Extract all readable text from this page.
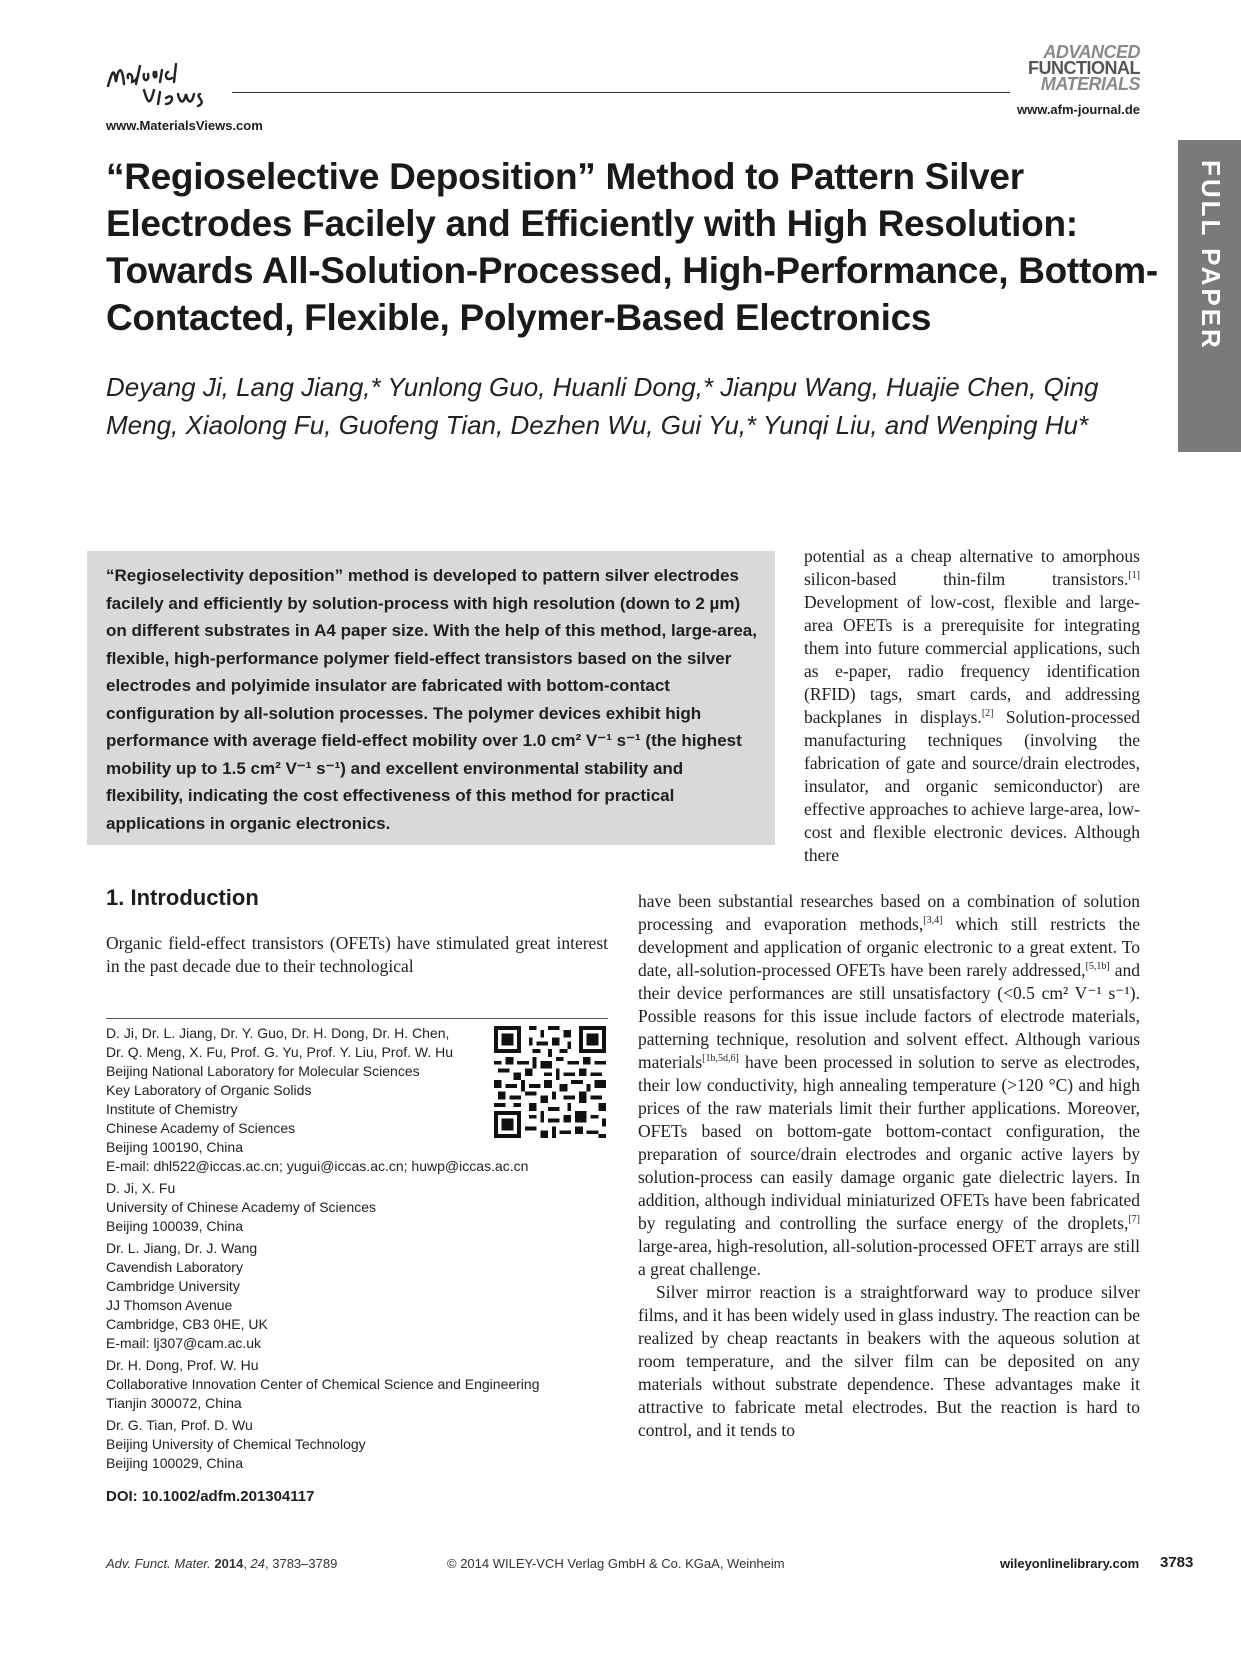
www.MaterialsViews.com
ADVANCED
FUNCTIONAL
MATERIALS
www.afm-journal.de
FULL PAPER
“Regioselective Deposition” Method to Pattern Silver Electrodes Facilely and Efficiently with High Resolution: Towards All-Solution-Processed, High-Performance, Bottom-Contacted, Flexible, Polymer-Based Electronics

Deyang Ji, Lang Jiang,* Yunlong Guo, Huanli Dong,* Jianpu Wang, Huajie Chen, Qing Meng, Xiaolong Fu, Guofeng Tian, Dezhen Wu, Gui Yu,* Yunqi Liu, and Wenping Hu*

“Regioselectivity deposition” method is developed to pattern silver electrodes facilely and efficiently by solution-process with high resolution (down to 2 µm) on different substrates in A4 paper size. With the help of this method, large-area, flexible, high-performance polymer field-effect transistors based on the silver electrodes and polyimide insulator are fabricated with bottom-contact configuration by all-solution processes. The polymer devices exhibit high performance with average field-effect mobility over 1.0 cm² V⁻¹ s⁻¹ (the highest mobility up to 1.5 cm² V⁻¹ s⁻¹) and excellent environmental stability and flexibility, indicating the cost effectiveness of this method for practical applications in organic electronics.

potential as a cheap alternative to amorphous silicon-based thin-film transistors.[1] Development of low-cost, flexible and large-area OFETs is a prerequisite for integrating them into future commercial applications, such as e-paper, radio frequency identification (RFID) tags, smart cards, and addressing backplanes in displays.[2] Solution-processed manufacturing techniques (involving the fabrication of gate and source/drain electrodes, insulator, and organic semiconductor) are effective approaches to achieve large-area, low-cost and flexible electronic devices. Although there

1. Introduction

Organic field-effect transistors (OFETs) have stimulated great interest in the past decade due to their technological

have been substantial researches based on a combination of solution processing and evaporation methods,[3,4] which still restricts the development and application of organic electronic to a great extent. To date, all-solution-processed OFETs have been rarely addressed,[5,1b] and their device performances are still unsatisfactory (<0.5 cm² V⁻¹ s⁻¹). Possible reasons for this issue include factors of electrode materials, patterning technique, resolution and solvent effect. Although various materials[1b,5d,6] have been processed in solution to serve as electrodes, their low conductivity, high annealing temperature (>120 °C) and high prices of the raw materials limit their further applications. Moreover, OFETs based on bottom-gate bottom-contact configuration, the preparation of source/drain electrodes and organic active layers by solution-process can easily damage organic gate dielectric layers. In addition, although individual miniaturized OFETs have been fabricated by regulating and controlling the surface energy of the droplets,[7] large-area, high-resolution, all-solution-processed OFET arrays are still a great challenge.

Silver mirror reaction is a straightforward way to produce silver films, and it has been widely used in glass industry. The reaction can be realized by cheap reactants in beakers with the aqueous solution at room temperature, and the silver film can be deposited on any materials without substrate dependence. These advantages make it attractive to fabricate metal electrodes. But the reaction is hard to control, and it tends to

D. Ji, Dr. L. Jiang, Dr. Y. Guo, Dr. H. Dong, Dr. H. Chen,
Dr. Q. Meng, X. Fu, Prof. G. Yu, Prof. Y. Liu, Prof. W. Hu
Beijing National Laboratory for Molecular Sciences
Key Laboratory of Organic Solids
Institute of Chemistry
Chinese Academy of Sciences
Beijing 100190, China
E-mail: dhl522@iccas.ac.cn; yugui@iccas.ac.cn; huwp@iccas.ac.cn
D. Ji, X. Fu
University of Chinese Academy of Sciences
Beijing 100039, China
Dr. L. Jiang, Dr. J. Wang
Cavendish Laboratory
Cambridge University
JJ Thomson Avenue
Cambridge, CB3 0HE, UK
E-mail: lj307@cam.ac.uk
Dr. H. Dong, Prof. W. Hu
Collaborative Innovation Center of Chemical Science and Engineering
Tianjin 300072, China
Dr. G. Tian, Prof. D. Wu
Beijing University of Chemical Technology
Beijing 100029, China
DOI: 10.1002/adfm.201304117
Adv. Funct. Mater. 2014, 24, 3783–3789	© 2014 WILEY-VCH Verlag GmbH & Co. KGaA, Weinheim	wileyonlinelibrary.com 3783
